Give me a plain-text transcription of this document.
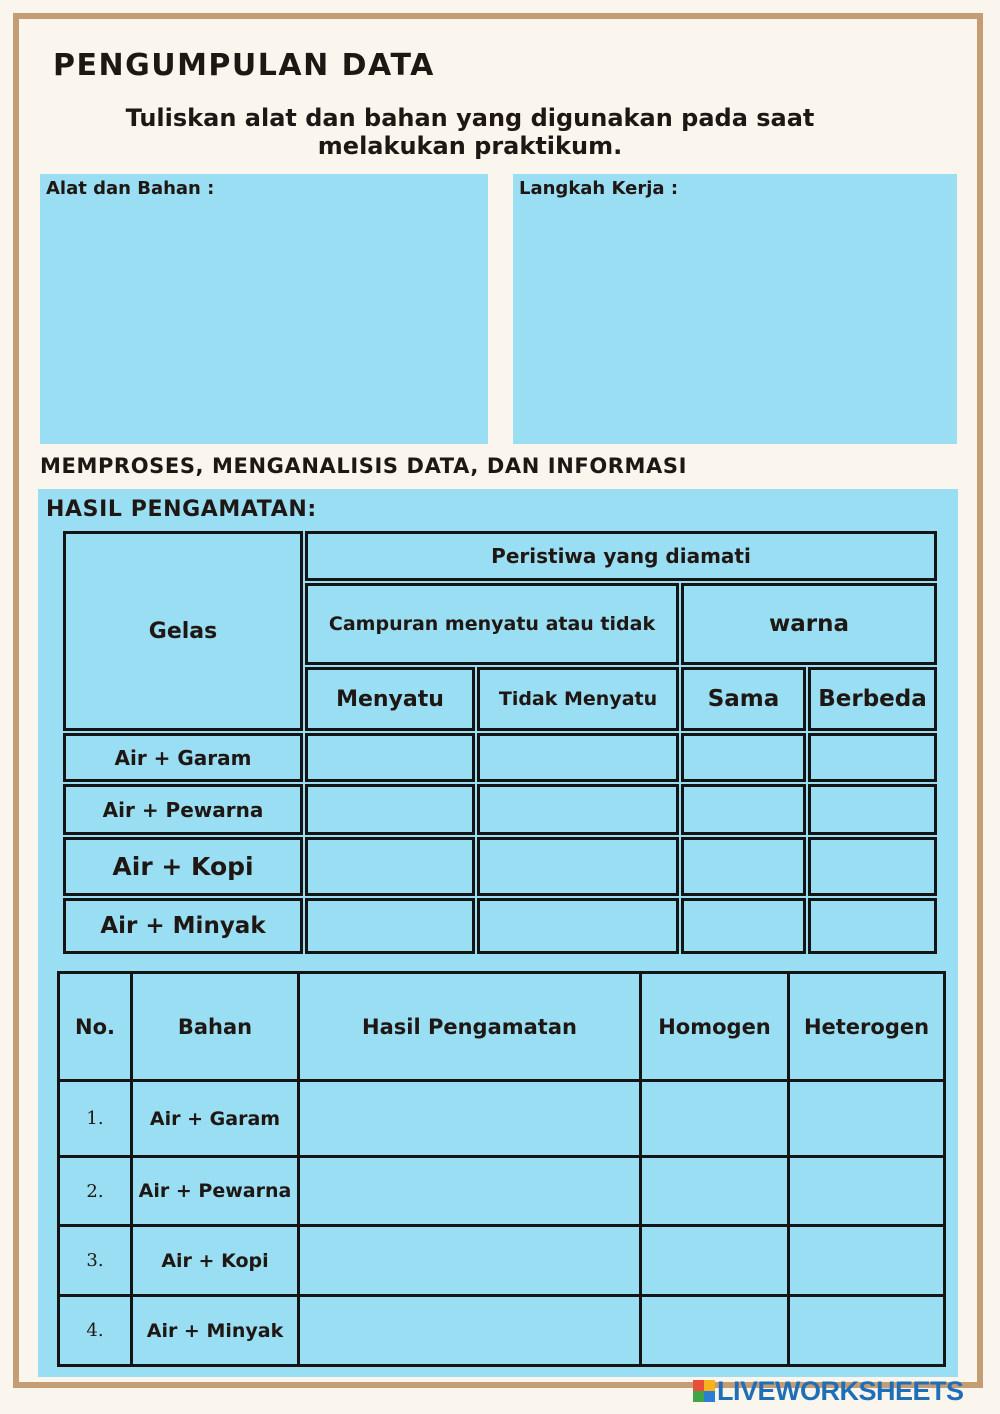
PENGUMPULAN DATA
Tuliskan alat dan bahan yang digunakan pada saat
melakukan praktikum.
Alat dan Bahan :	Langkah Kerja :
MEMPROSES, MENGANALISIS DATA, DAN INFORMASI
HASIL PENGAMATAN:
Gelas
Peristiwa yang diamati
Campuran menyatu atau tidak	warna
Menyatu	Tidak Menyatu	Sama	Berbeda
Air + Garam
Air + Pewarna
Air + Kopi
Air + Minyak
No.	Bahan	Hasil Pengamatan	Homogen	Heterogen
1.	Air + Garam			
2.	Air + Pewarna			
3.	Air + Kopi			
4.	Air + Minyak			
LIVEWORKSHEETS
